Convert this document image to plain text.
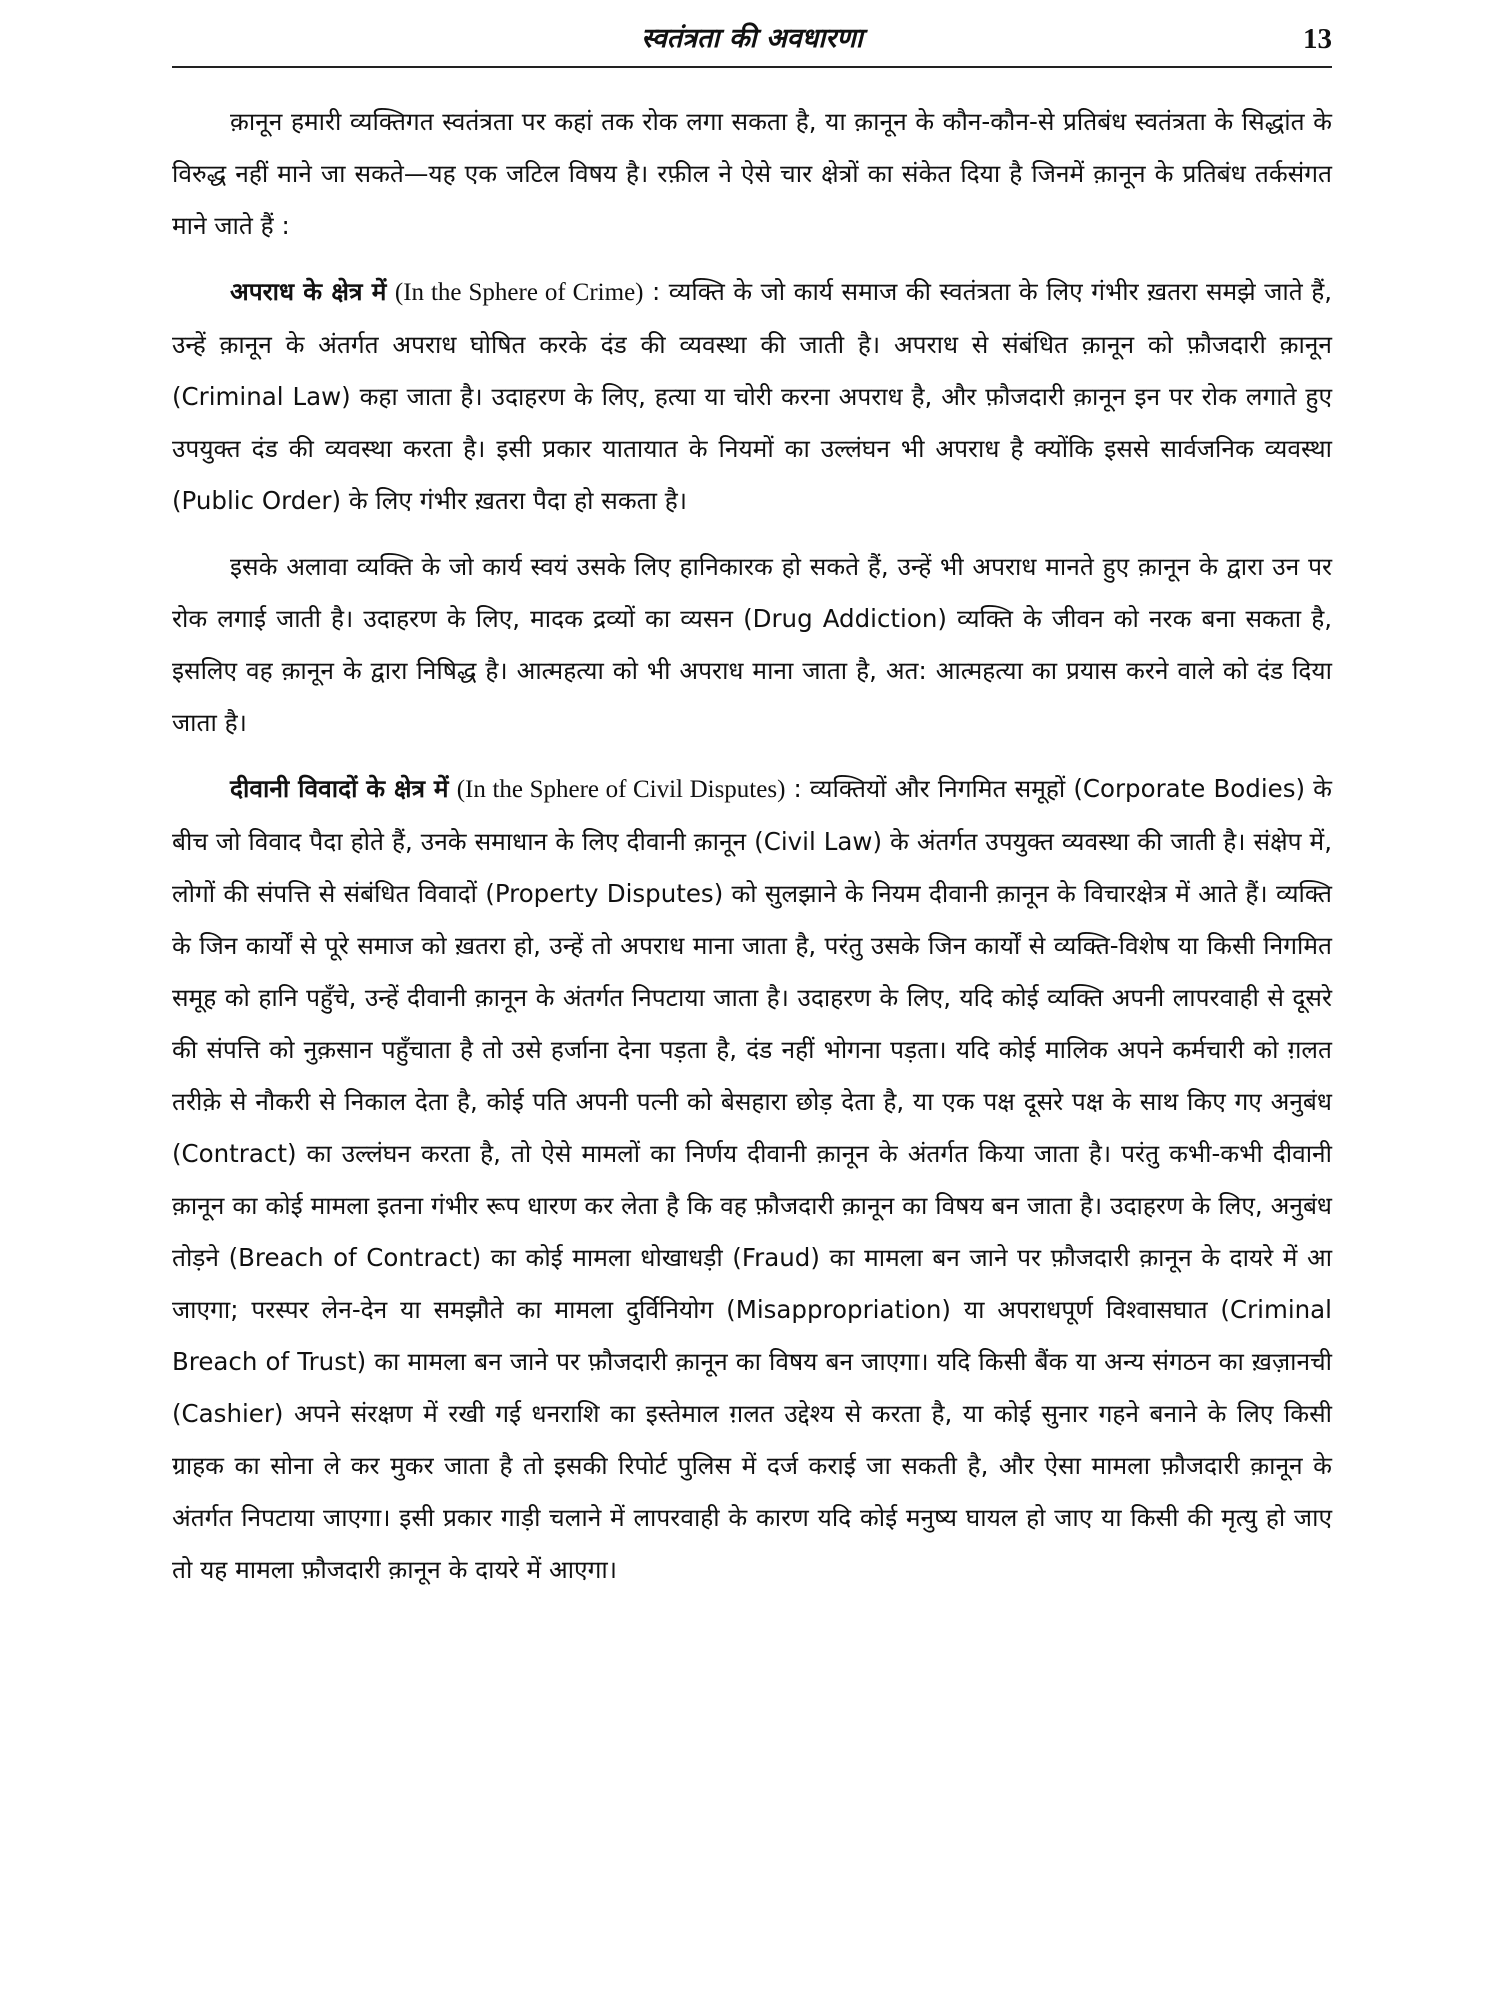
स्वतंत्रता की अवधारणा	13

क़ानून हमारी व्यक्तिगत स्वतंत्रता पर कहां तक रोक लगा सकता है, या क़ानून के कौन-कौन-से प्रतिबंध स्वतंत्रता के सिद्धांत के विरुद्ध नहीं माने जा सकते—यह एक जटिल विषय है। रफ़ील ने ऐसे चार क्षेत्रों का संकेत दिया है जिनमें क़ानून के प्रतिबंध तर्कसंगत माने जाते हैं :

अपराध के क्षेत्र में (In the Sphere of Crime) : व्यक्ति के जो कार्य समाज की स्वतंत्रता के लिए गंभीर ख़तरा समझे जाते हैं, उन्हें क़ानून के अंतर्गत अपराध घोषित करके दंड की व्यवस्था की जाती है। अपराध से संबंधित क़ानून को फ़ौजदारी क़ानून (Criminal Law) कहा जाता है। उदाहरण के लिए, हत्या या चोरी करना अपराध है, और फ़ौजदारी क़ानून इन पर रोक लगाते हुए उपयुक्त दंड की व्यवस्था करता है। इसी प्रकार यातायात के नियमों का उल्लंघन भी अपराध है क्योंकि इससे सार्वजनिक व्यवस्था (Public Order) के लिए गंभीर ख़तरा पैदा हो सकता है।

इसके अलावा व्यक्ति के जो कार्य स्वयं उसके लिए हानिकारक हो सकते हैं, उन्हें भी अपराध मानते हुए क़ानून के द्वारा उन पर रोक लगाई जाती है। उदाहरण के लिए, मादक द्रव्यों का व्यसन (Drug Addiction) व्यक्ति के जीवन को नरक बना सकता है, इसलिए वह क़ानून के द्वारा निषिद्ध है। आत्महत्या को भी अपराध माना जाता है, अत: आत्महत्या का प्रयास करने वाले को दंड दिया जाता है।

दीवानी विवादों के क्षेत्र में (In the Sphere of Civil Disputes) : व्यक्तियों और निगमित समूहों (Corporate Bodies) के बीच जो विवाद पैदा होते हैं, उनके समाधान के लिए दीवानी क़ानून (Civil Law) के अंतर्गत उपयुक्त व्यवस्था की जाती है। संक्षेप में, लोगों की संपत्ति से संबंधित विवादों (Property Disputes) को सुलझाने के नियम दीवानी क़ानून के विचारक्षेत्र में आते हैं। व्यक्ति के जिन कार्यों से पूरे समाज को ख़तरा हो, उन्हें तो अपराध माना जाता है, परंतु उसके जिन कार्यों से व्यक्ति-विशेष या किसी निगमित समूह को हानि पहुँचे, उन्हें दीवानी क़ानून के अंतर्गत निपटाया जाता है। उदाहरण के लिए, यदि कोई व्यक्ति अपनी लापरवाही से दूसरे की संपत्ति को नुक़सान पहुँचाता है तो उसे हर्जाना देना पड़ता है, दंड नहीं भोगना पड़ता। यदि कोई मालिक अपने कर्मचारी को ग़लत तरीक़े से नौकरी से निकाल देता है, कोई पति अपनी पत्नी को बेसहारा छोड़ देता है, या एक पक्ष दूसरे पक्ष के साथ किए गए अनुबंध (Contract) का उल्लंघन करता है, तो ऐसे मामलों का निर्णय दीवानी क़ानून के अंतर्गत किया जाता है। परंतु कभी-कभी दीवानी क़ानून का कोई मामला इतना गंभीर रूप धारण कर लेता है कि वह फ़ौजदारी क़ानून का विषय बन जाता है। उदाहरण के लिए, अनुबंध तोड़ने (Breach of Contract) का कोई मामला धोखाधड़ी (Fraud) का मामला बन जाने पर फ़ौजदारी क़ानून के दायरे में आ जाएगा; परस्पर लेन-देन या समझौते का मामला दुर्विनियोग (Misappropriation) या अपराधपूर्ण विश्वासघात (Criminal Breach of Trust) का मामला बन जाने पर फ़ौजदारी क़ानून का विषय बन जाएगा। यदि किसी बैंक या अन्य संगठन का ख़ज़ानची (Cashier) अपने संरक्षण में रखी गई धनराशि का इस्तेमाल ग़लत उद्देश्य से करता है, या कोई सुनार गहने बनाने के लिए किसी ग्राहक का सोना ले कर मुकर जाता है तो इसकी रिपोर्ट पुलिस में दर्ज कराई जा सकती है, और ऐसा मामला फ़ौजदारी क़ानून के अंतर्गत निपटाया जाएगा। इसी प्रकार गाड़ी चलाने में लापरवाही के कारण यदि कोई मनुष्य घायल हो जाए या किसी की मृत्यु हो जाए तो यह मामला फ़ौजदारी क़ानून के दायरे में आएगा।
